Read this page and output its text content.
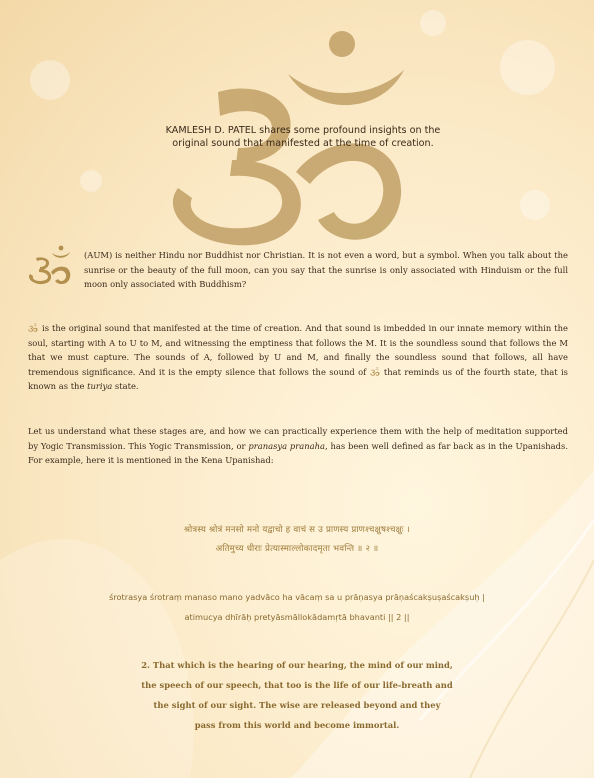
KAMLESH D. PATEL shares some profound insights on the
original sound that manifested at the time of creation.
(AUM) is neither Hindu nor Buddhist nor Christian. It is not even a word, but a symbol. When you talk about the sunrise or the beauty of the full moon, can you say that the sunrise is only associated with Hinduism or the full moon only associated with Buddhism?
is the original sound that manifested at the time of creation. And that sound is imbedded in our innate memory within the soul, starting with A to U to M, and witnessing the emptiness that follows the M. It is the soundless sound that follows the M that we must capture. The sounds of A, followed by U and M, and finally the soundless sound that follows, all have tremendous significance. And it is the empty silence that follows the sound of that reminds us of the fourth state, that is known as the turiya state.
Let us understand what these stages are, and how we can practically experience them with the help of meditation supported by Yogic Transmission. This Yogic Transmission, or pranasya pranaha, has been well defined as far back as in the Upanishads. For example, here it is mentioned in the Kena Upanishad:
श्रोत्रस्य श्रोत्रं मनसो मनो यद्वाचो ह वाचं स उ प्राणस्य प्राणश्चक्षुषश्चक्षुः ।
अतिमुच्य धीराः प्रेत्यास्माल्लोकादमृता भवन्ति ॥ २ ॥
śrotrasya śrotraṃ manaso mano yadvāco ha vācaṃ sa u prāṇasya prāṇaścakṣuṣaścakṣuḥ |
atimucya dhīrāḥ pretyāsmāllokādamṛtā bhavanti || 2 ||
2. That which is the hearing of our hearing, the mind of our mind,
the speech of our speech, that too is the life of our life-breath and
the sight of our sight. The wise are released beyond and they
pass from this world and become immortal.
